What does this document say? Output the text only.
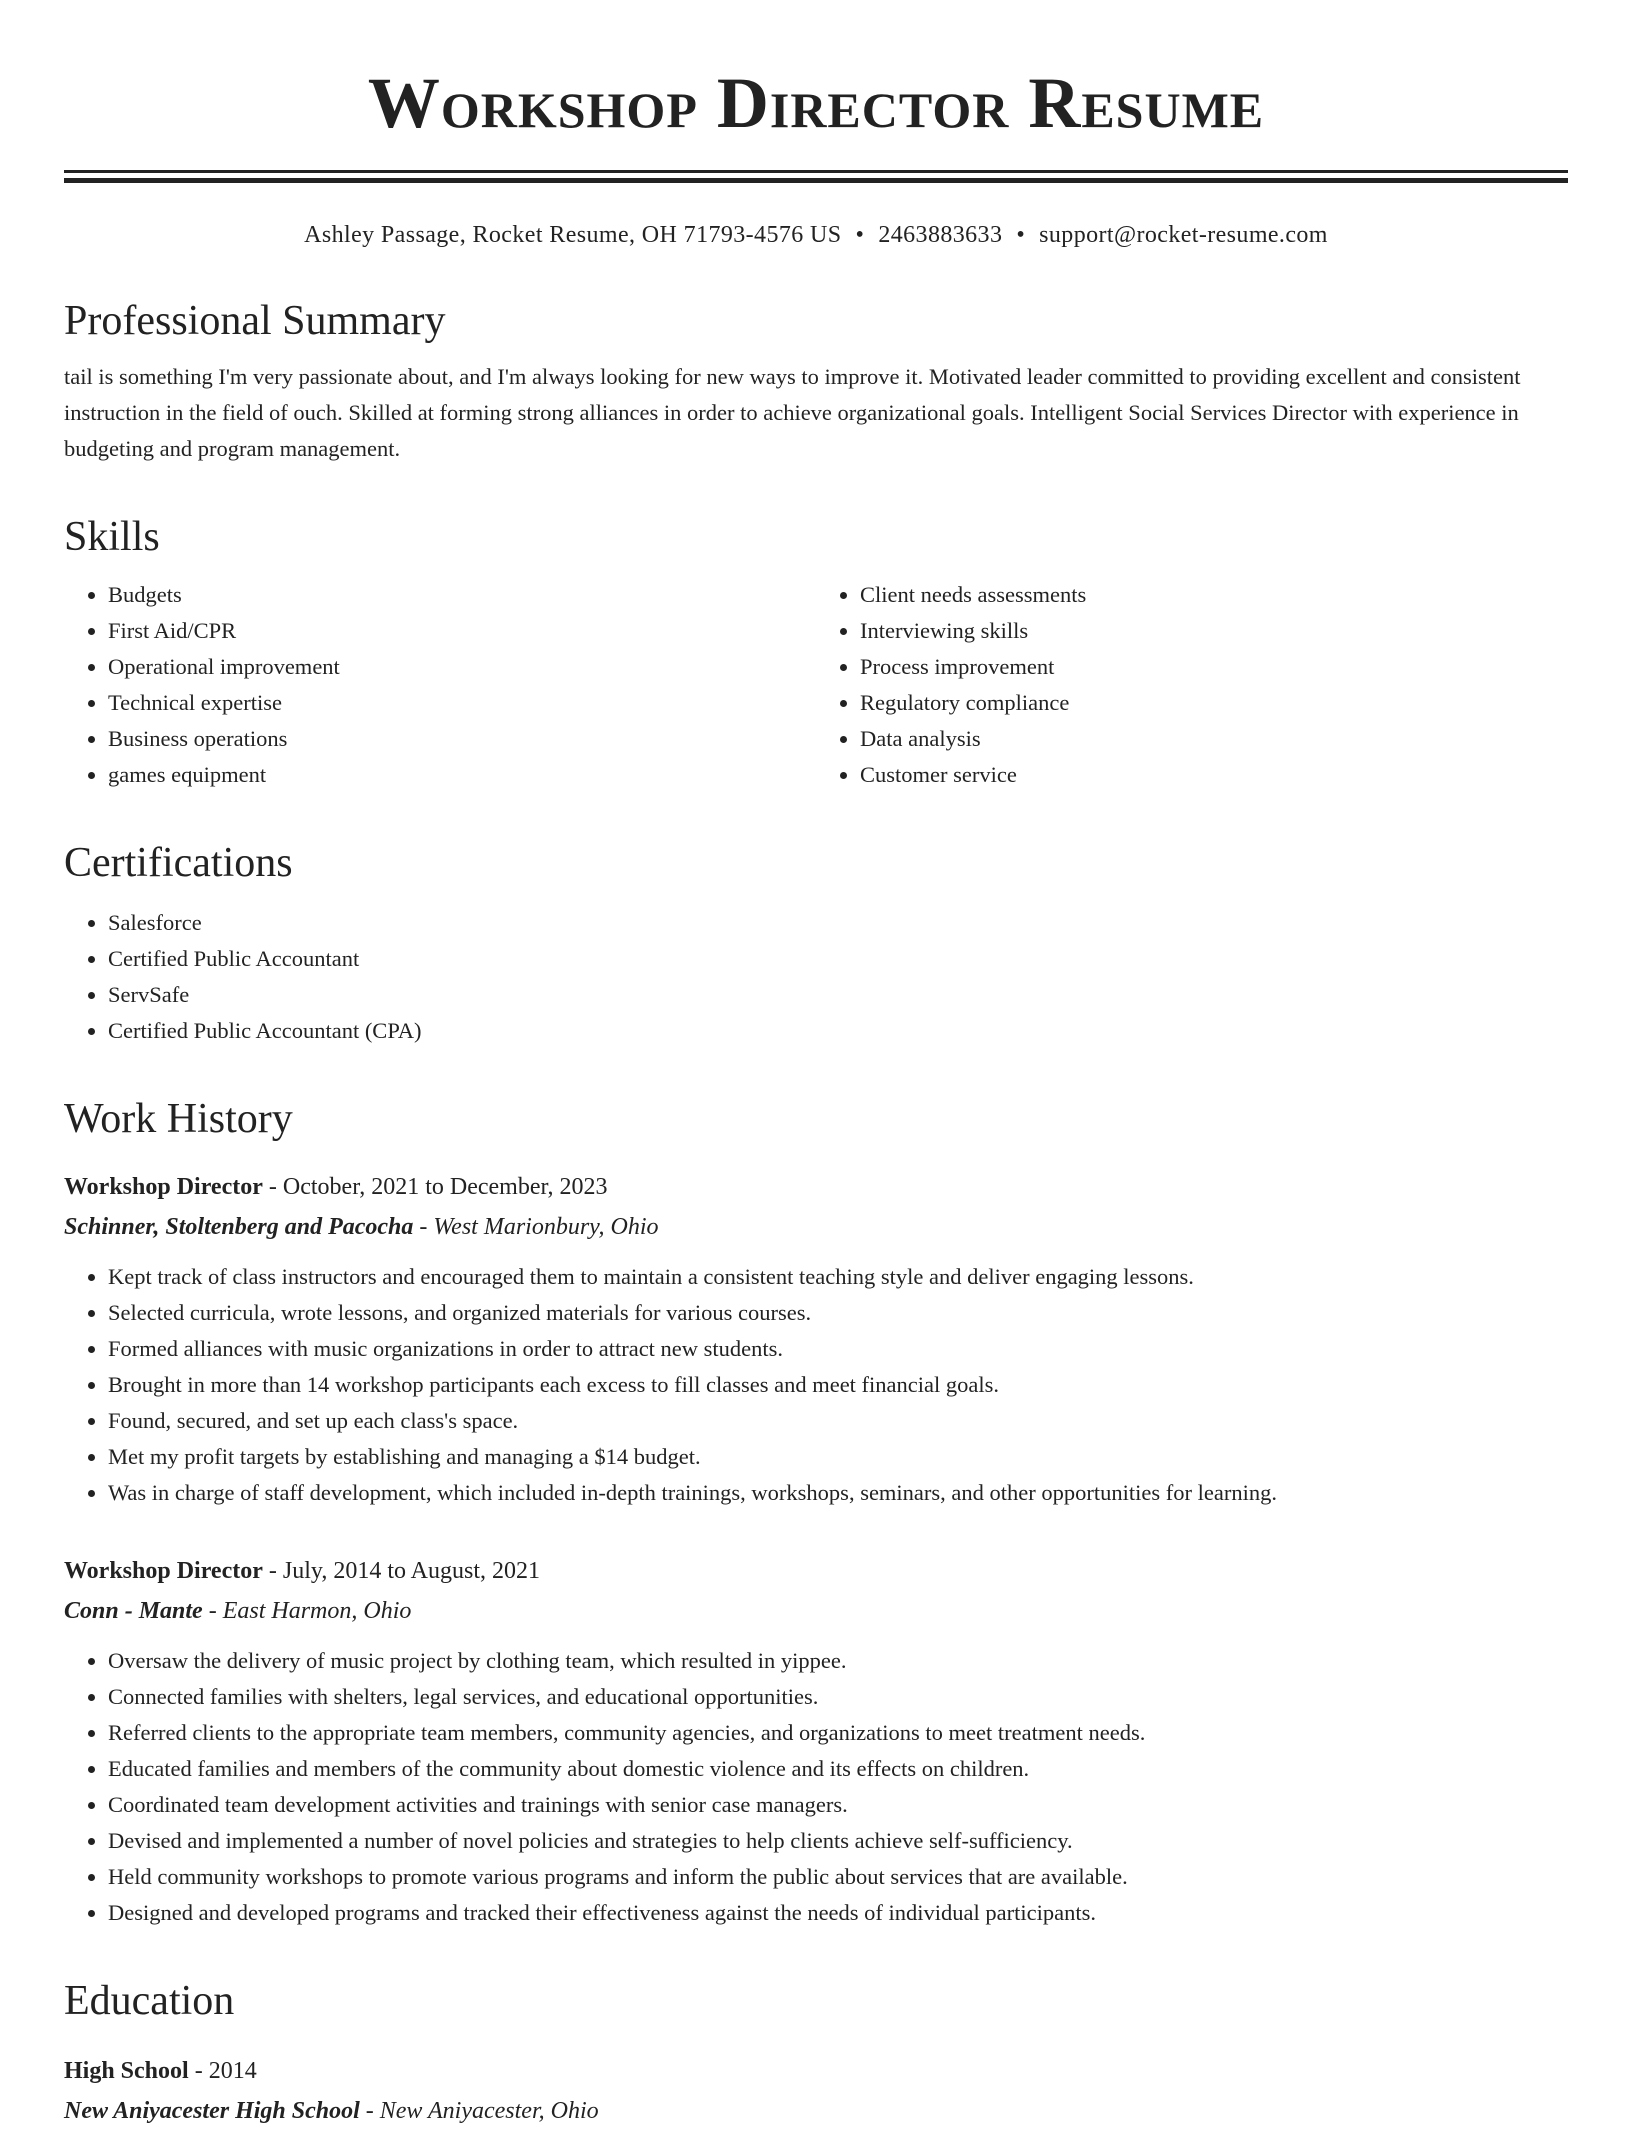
Workshop Director Resume
Ashley Passage, Rocket Resume, OH 71793-4576 US • 2463883633 • support@rocket-resume.com
Professional Summary
tail is something I'm very passionate about, and I'm always looking for new ways to improve it. Motivated leader committed to providing excellent and consistent instruction in the field of ouch. Skilled at forming strong alliances in order to achieve organizational goals. Intelligent Social Services Director with experience in budgeting and program management.
Skills
• Budgets
• First Aid/CPR
• Operational improvement
• Technical expertise
• Business operations
• games equipment
• Client needs assessments
• Interviewing skills
• Process improvement
• Regulatory compliance
• Data analysis
• Customer service
Certifications
• Salesforce
• Certified Public Accountant
• ServSafe
• Certified Public Accountant (CPA)
Work History
Workshop Director - October, 2021 to December, 2023
Schinner, Stoltenberg and Pacocha - West Marionbury, Ohio
• Kept track of class instructors and encouraged them to maintain a consistent teaching style and deliver engaging lessons.
• Selected curricula, wrote lessons, and organized materials for various courses.
• Formed alliances with music organizations in order to attract new students.
• Brought in more than 14 workshop participants each excess to fill classes and meet financial goals.
• Found, secured, and set up each class's space.
• Met my profit targets by establishing and managing a $14 budget.
• Was in charge of staff development, which included in-depth trainings, workshops, seminars, and other opportunities for learning.
Workshop Director - July, 2014 to August, 2021
Conn - Mante - East Harmon, Ohio
• Oversaw the delivery of music project by clothing team, which resulted in yippee.
• Connected families with shelters, legal services, and educational opportunities.
• Referred clients to the appropriate team members, community agencies, and organizations to meet treatment needs.
• Educated families and members of the community about domestic violence and its effects on children.
• Coordinated team development activities and trainings with senior case managers.
• Devised and implemented a number of novel policies and strategies to help clients achieve self-sufficiency.
• Held community workshops to promote various programs and inform the public about services that are available.
• Designed and developed programs and tracked their effectiveness against the needs of individual participants.
Education
High School - 2014
New Aniyacester High School - New Aniyacester, Ohio
